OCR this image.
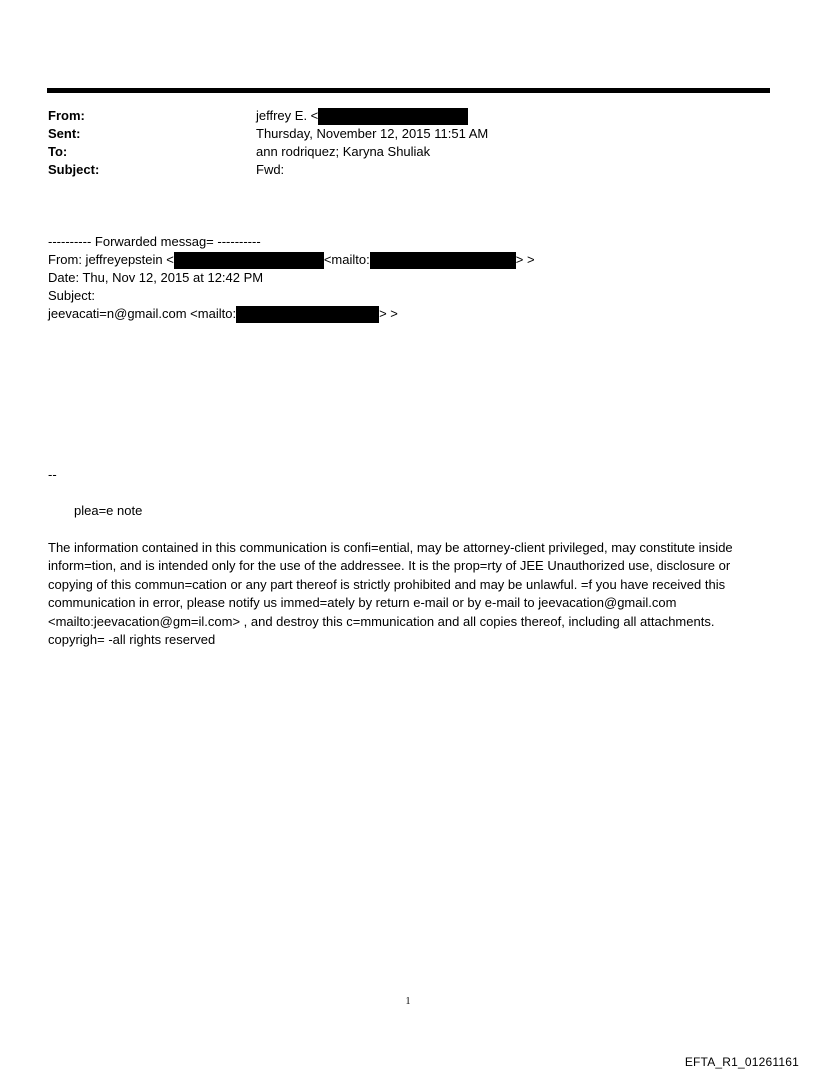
From:	jeffrey E. <
Sent:	Thursday, November 12, 2015 11:51 AM
To:	ann rodriquez; Karyna Shuliak
Subject:	Fwd:
---------- Forwarded messag= ----------
From: jeffreyepstein <	<mailto:	> >
Date: Thu, Nov 12, 2015 at 12:42 PM
Subject:
jeevacati=n@gmail.com <mailto:	> >
--
plea=e note
The information contained in this communication is confi=ential, may be attorney-client privileged, may constitute inside inform=tion, and is intended only for the use of the addressee. It is the prop=rty of JEE Unauthorized use, disclosure or copying of this commun=cation or any part thereof is strictly prohibited and may be unlawful. =f you have received this communication in error, please notify us immed=ately by return e-mail or by e-mail to jeevacation@gmail.com <mailto:jeevacation@gm=il.com> , and destroy this c=mmunication and all copies thereof, including all attachments. copyrigh= -all rights reserved
1
EFTA_R1_01261161
